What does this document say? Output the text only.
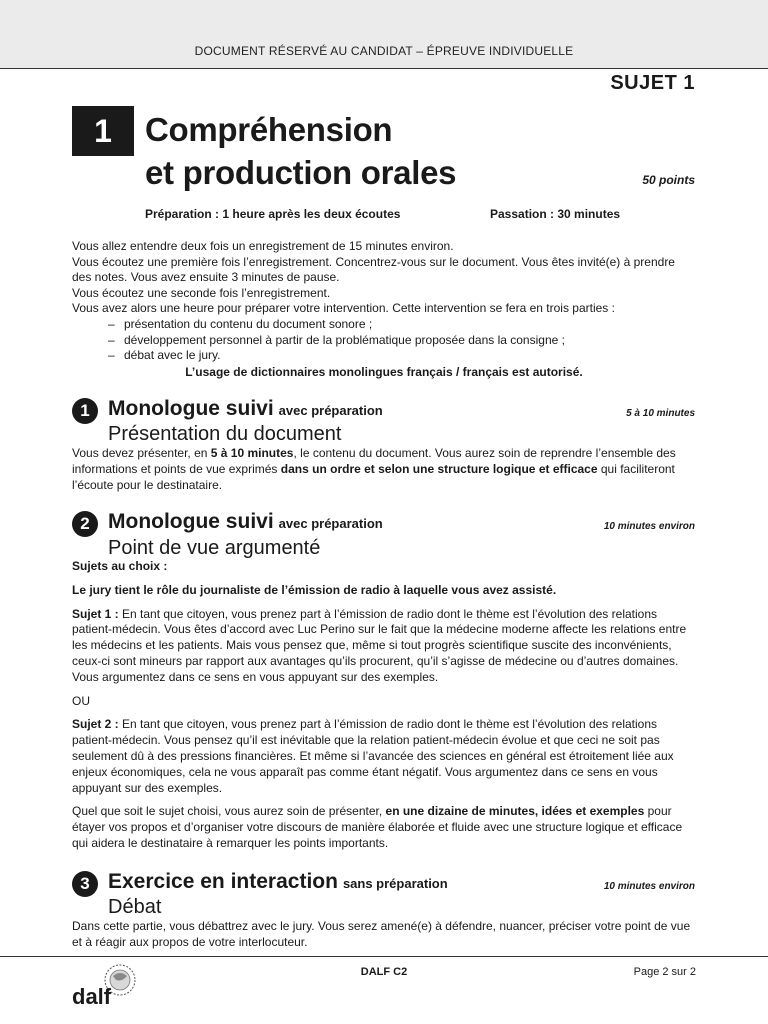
DOCUMENT RÉSERVÉ AU CANDIDAT – ÉPREUVE INDIVIDUELLE
SUJET 1
1	Compréhension
et production orales	50 points
Préparation : 1 heure après les deux écoutes	Passation : 30 minutes

Vous allez entendre deux fois un enregistrement de 15 minutes environ.

Vous écoutez une première fois l’enregistrement. Concentrez-vous sur le document. Vous êtes invité(e) à prendre des notes. Vous avez ensuite 3 minutes de pause.

Vous écoutez une seconde fois l’enregistrement.

Vous avez alors une heure pour préparer votre intervention. Cette intervention se fera en trois parties :

– présentation du contenu du document sonore ;
– développement personnel à partir de la problématique proposée dans la consigne ;
– débat avec le jury.

L’usage de dictionnaires monolingues français / français est autorisé.

1 Monologue suivi avec préparation	5 à 10 minutes
Présentation du document

Vous devez présenter, en 5 à 10 minutes, le contenu du document. Vous aurez soin de reprendre l’ensemble des informations et points de vue exprimés dans un ordre et selon une structure logique et efficace qui faciliteront l’écoute pour le destinataire.

2 Monologue suivi avec préparation	10 minutes environ
Point de vue argumenté

Sujets au choix :

Le jury tient le rôle du journaliste de l’émission de radio à laquelle vous avez assisté.

Sujet 1 : En tant que citoyen, vous prenez part à l’émission de radio dont le thème est l’évolution des relations patient-médecin. Vous êtes d’accord avec Luc Perino sur le fait que la médecine moderne affecte les relations entre les médecins et les patients. Mais vous pensez que, même si tout progrès scientifique suscite des inconvénients, ceux-ci sont mineurs par rapport aux avantages qu’ils procurent, qu’il s’agisse de médecine ou d’autres domaines. Vous argumentez dans ce sens en vous appuyant sur des exemples.

OU

Sujet 2 : En tant que citoyen, vous prenez part à l’émission de radio dont le thème est l’évolution des relations patient-médecin. Vous pensez qu’il est inévitable que la relation patient-médecin évolue et que ceci ne soit pas seulement dû à des pressions financières. Et même si l’avancée des sciences en général est étroitement liée aux enjeux économiques, cela ne vous apparaît pas comme étant négatif. Vous argumentez dans ce sens en vous appuyant sur des exemples.

Quel que soit le sujet choisi, vous aurez soin de présenter, en une dizaine de minutes, idées et exemples pour étayer vos propos et d’organiser votre discours de manière élaborée et fluide avec une structure logique et efficace qui aidera le destinataire à remarquer les points importants.

3 Exercice en interaction sans préparation	10 minutes environ
Débat

Dans cette partie, vous débattrez avec le jury. Vous serez amené(e) à défendre, nuancer, préciser votre point de vue et à réagir aux propos de votre interlocuteur.

dalf
DALF C2	Page 2 sur 2
